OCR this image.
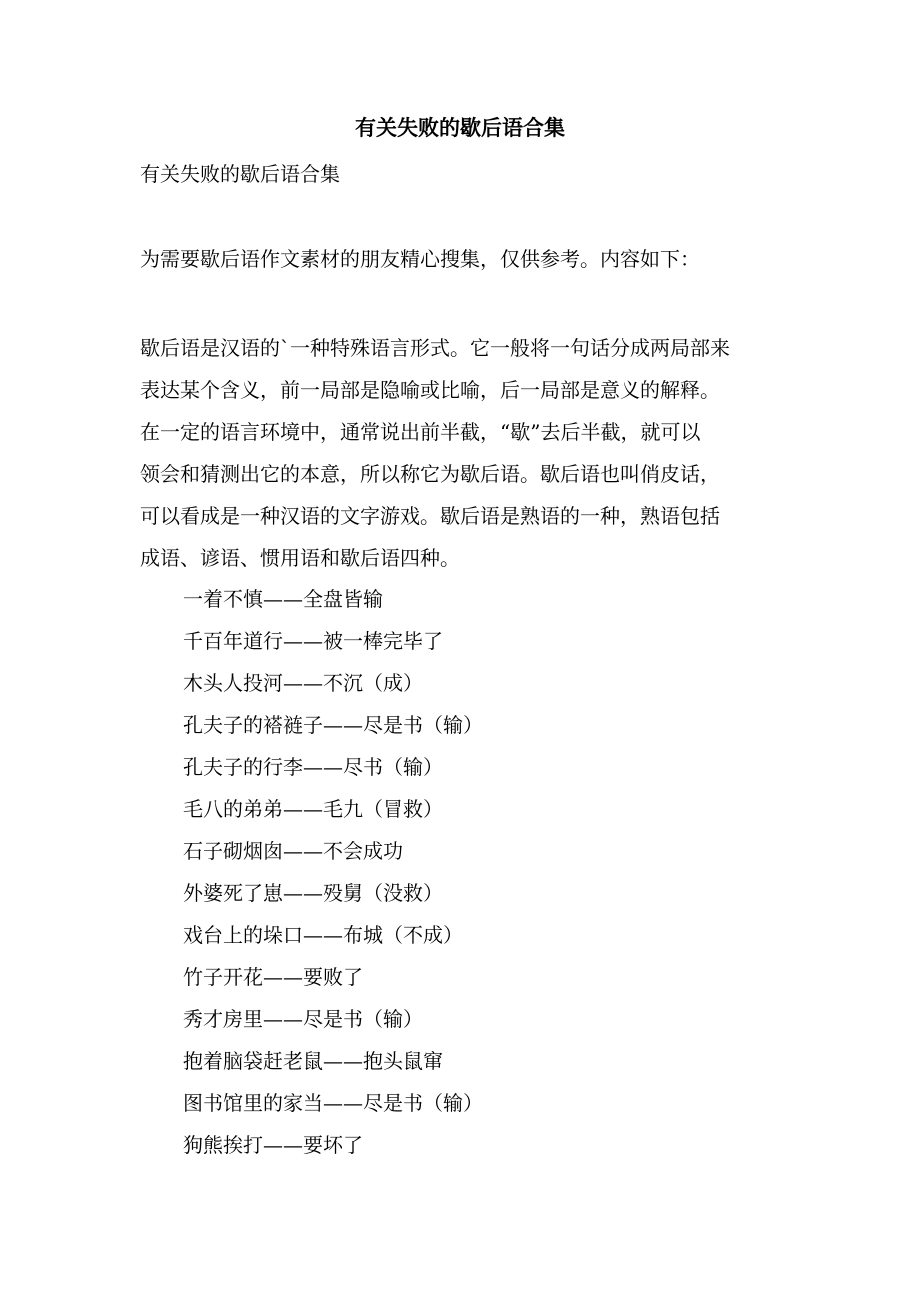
有关失败的歇后语合集
有关失败的歇后语合集
为需要歇后语作文素材的朋友精心搜集，仅供参考。内容如下：
歇后语是汉语的`一种特殊语言形式。它一般将一句话分成两局部来
表达某个含义，前一局部是隐喻或比喻，后一局部是意义的解释。
在一定的语言环境中，通常说出前半截，“歇”去后半截，就可以
领会和猜测出它的本意，所以称它为歇后语。歇后语也叫俏皮话，
可以看成是一种汉语的文字游戏。歇后语是熟语的一种，熟语包括
成语、谚语、惯用语和歇后语四种。
一着不慎——全盘皆输
千百年道行——被一棒完毕了
木头人投河——不沉（成）
孔夫子的褡裢子——尽是书（输）
孔夫子的行李——尽书（输）
毛八的弟弟——毛九（冒救）
石子砌烟囱——不会成功
外婆死了崽——殁舅（没救）
戏台上的垛口——布城（不成）
竹子开花——要败了
秀才房里——尽是书（输）
抱着脑袋赶老鼠——抱头鼠窜
图书馆里的家当——尽是书（输）
狗熊挨打——要坏了
